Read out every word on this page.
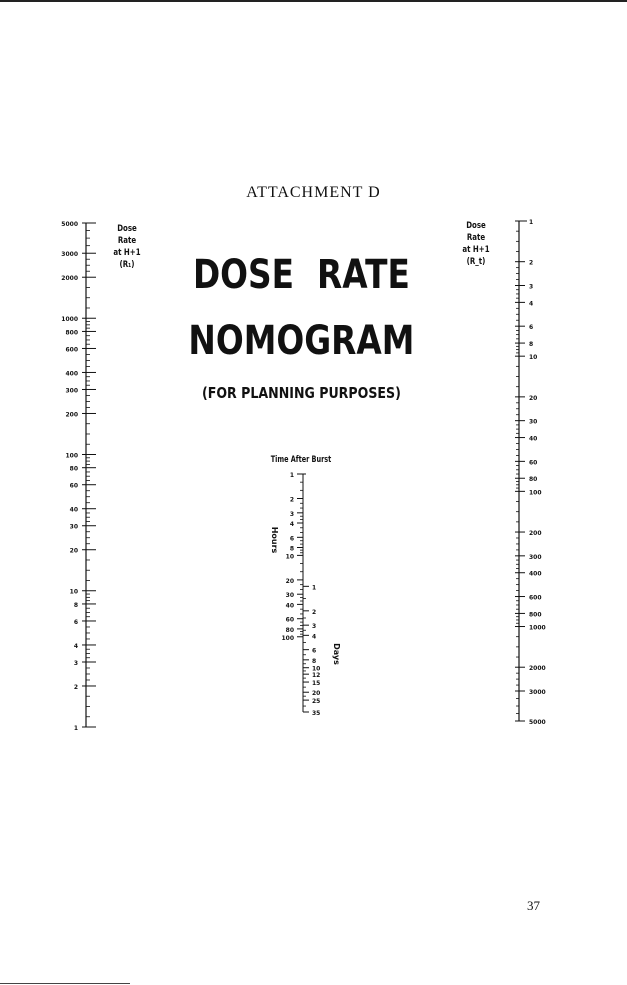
ATTACHMENT D
DOSE RATE
NOMOGRAM
(FOR PLANNING PURPOSES)
Dose Rate
at H+1
(R₁)
Dose Rate
at H+1
(R_t)
Time After Burst
5000
3000
2000
1000
800
600
400
300
200
100
80
60
40
30
20
10
8
6
4
3
2
1
1
2
3
4
6
8
10
20
30
40
60
80
100
200
300
400
600
800
1000
2000
3000
5000
1
2
3
4
6
8
10
20
30
40
60
80
100
1
2
3
4
6
8
10
12
15
20
25
35
Hours
Days
37
